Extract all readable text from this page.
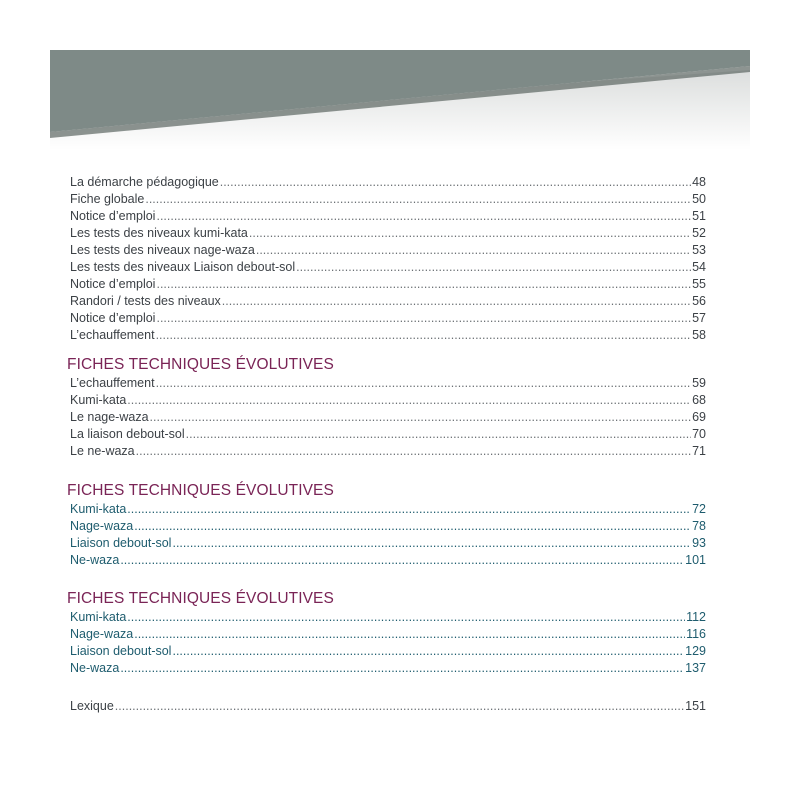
La démarche pédagogique .....	48
Fiche globale .....	50
Notice d’emploi .....	51
Les tests des niveaux kumi-kata .....	52
Les tests des niveaux nage-waza .....	53
Les tests des niveaux Liaison debout-sol .....	54
Notice d’emploi .....	55
Randori / tests des niveaux .....	56
Notice d’emploi .....	57
L’echauffement .....	58
FICHES TECHNIQUES ÉVOLUTIVES
L’echauffement .....	59
Kumi-kata .....	68
Le nage-waza .....	69
La liaison debout-sol .....	70
Le ne-waza .....	71
FICHES TECHNIQUES ÉVOLUTIVES
Kumi-kata .....	72
Nage-waza .....	78
Liaison debout-sol .....	93
Ne-waza .....	101
FICHES TECHNIQUES ÉVOLUTIVES
Kumi-kata .....	112
Nage-waza .....	116
Liaison debout-sol .....	129
Ne-waza .....	137
Lexique .....	151
